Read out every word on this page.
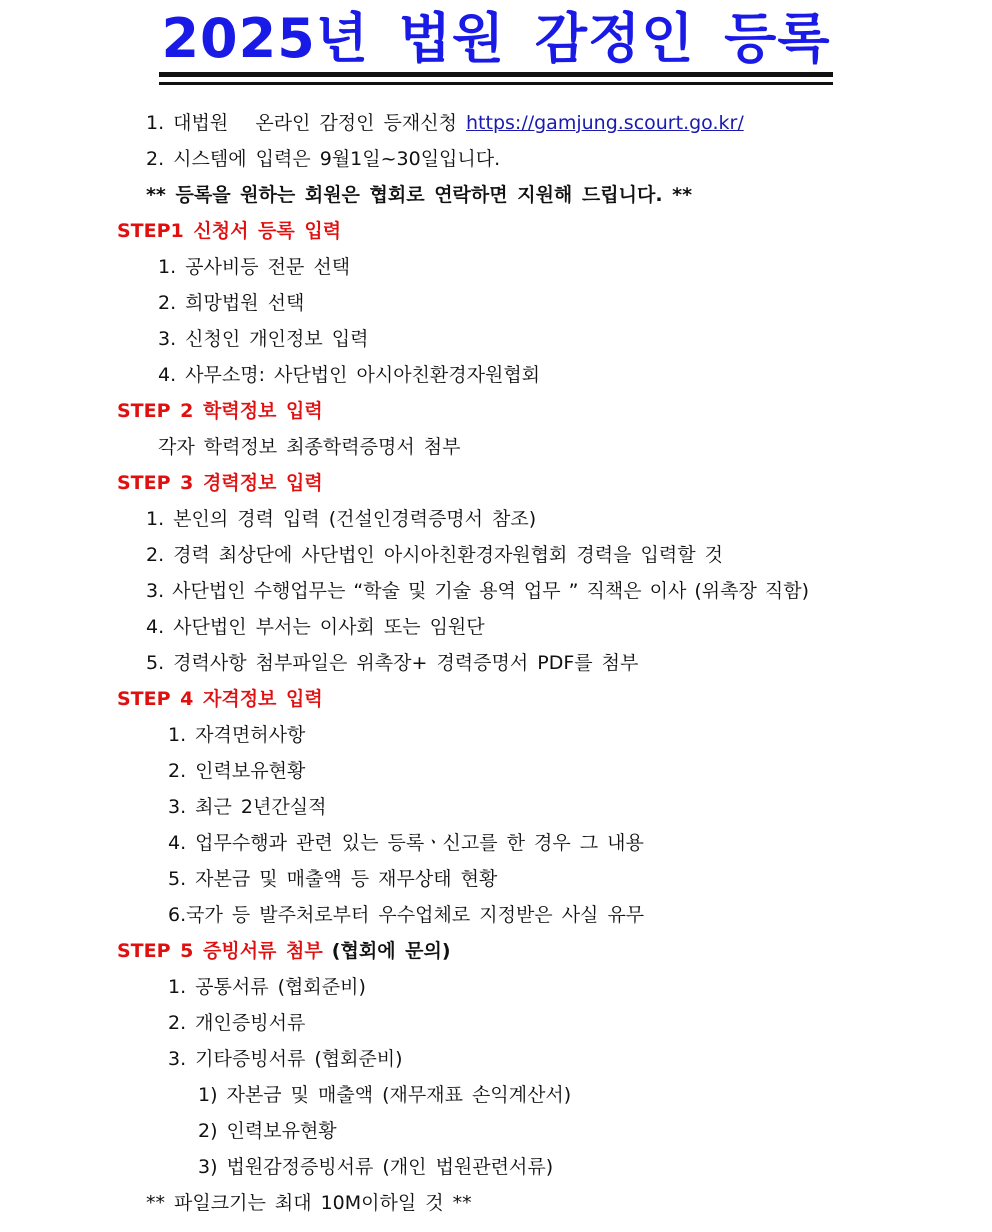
2025년 법원 감정인 등록
1. 대법원   온라인 감정인 등재신청 https://gamjung.scourt.go.kr/
2. 시스템에 입력은 9월1일~30일입니다.
** 등록을 원하는 회원은 협회로 연락하면 지원해 드립니다. **
STEP1 신청서 등록 입력
1. 공사비등 전문 선택
2. 희망법원 선택
3. 신청인 개인정보 입력
4. 사무소명: 사단법인 아시아친환경자원협회
STEP 2 학력정보 입력
각자 학력정보 최종학력증명서 첨부
STEP 3 경력정보 입력
1. 본인의 경력 입력 (건설인경력증명서 참조)
2. 경력 최상단에 사단법인 아시아친환경자원협회 경력을 입력할 것
3. 사단법인 수행업무는 “학술 및 기술 용역 업무 ” 직책은 이사 (위촉장 직함)
4. 사단법인 부서는 이사회 또는 임원단
5. 경력사항 첨부파일은 위촉장+ 경력증명서 PDF를 첨부
STEP 4 자격정보 입력
1. 자격면허사항
2. 인력보유현황
3. 최근 2년간실적
4. 업무수행과 관련 있는 등록ㆍ신고를 한 경우 그 내용
5. 자본금 및 매출액 등 재무상태 현황
6.국가 등 발주처로부터 우수업체로 지정받은 사실 유무
STEP 5 증빙서류 첨부 (협회에 문의)
1. 공통서류 (협회준비)
2. 개인증빙서류
3. 기타증빙서류 (협회준비)
1) 자본금 및 매출액 (재무재표 손익계산서)
2) 인력보유현황
3) 법원감정증빙서류 (개인 법원관련서류)
** 파일크기는 최대 10M이하일 것 **
